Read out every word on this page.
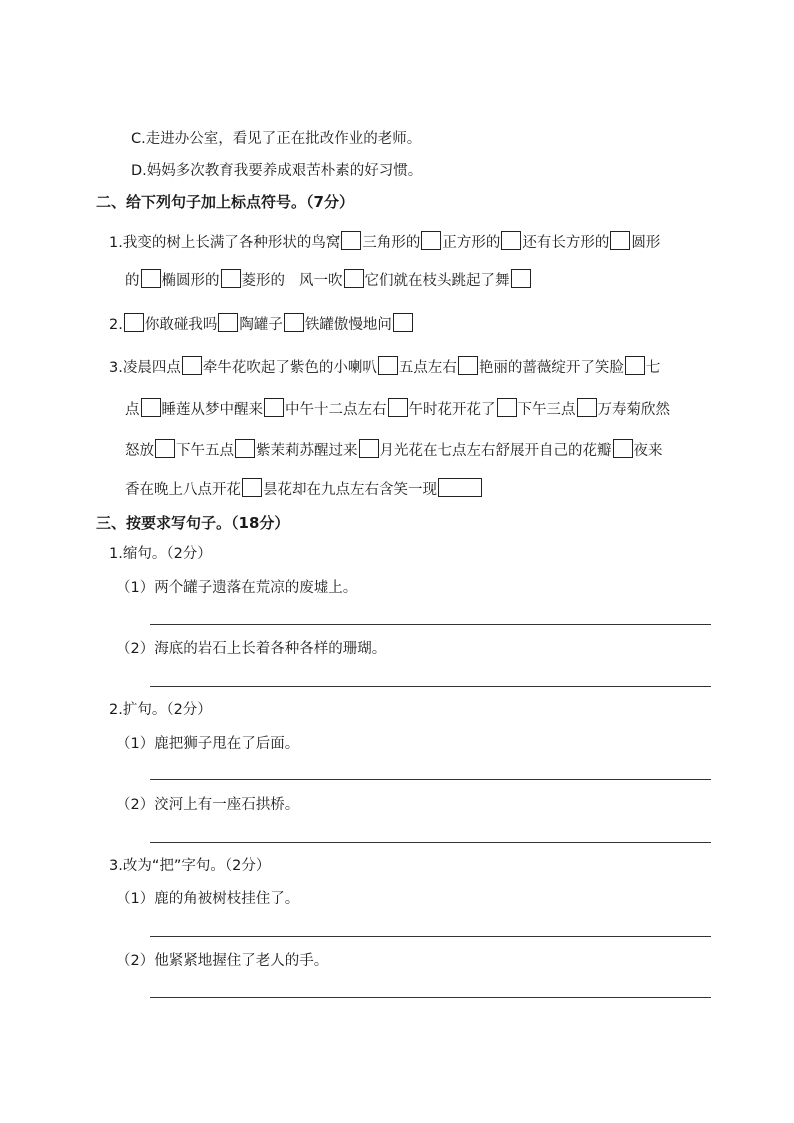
C.走进办公室，看见了正在批改作业的老师。
D.妈妈多次教育我要养成艰苦朴素的好习惯。
二、给下列句子加上标点符号。（7分）
1.我变的树上长满了各种形状的鸟窝 三角形的 正方形的 还有长方形的 圆形
的 椭圆形的 菱形的 风一吹 它们就在枝头跳起了舞
2. 你敢碰我吗 陶罐子 铁罐傲慢地问
3.凌晨四点 牵牛花吹起了紫色的小喇叭 五点左右 艳丽的蔷薇绽开了笑脸 七
点 睡莲从梦中醒来 中午十二点左右 午时花开花了 下午三点 万寿菊欣然
怒放 下午五点 紫茉莉苏醒过来 月光花在七点左右舒展开自己的花瓣 夜来
香在晚上八点开花 昙花却在九点左右含笑一现
三、按要求写句子。（18分）
1.缩句。（2分）
（1）两个罐子遗落在荒凉的废墟上。
（2）海底的岩石上长着各种各样的珊瑚。
2.扩句。（2分）
（1）鹿把狮子甩在了后面。
（2）洨河上有一座石拱桥。
3.改为“把”字句。（2分）
（1）鹿的角被树枝挂住了。
（2）他紧紧地握住了老人的手。
